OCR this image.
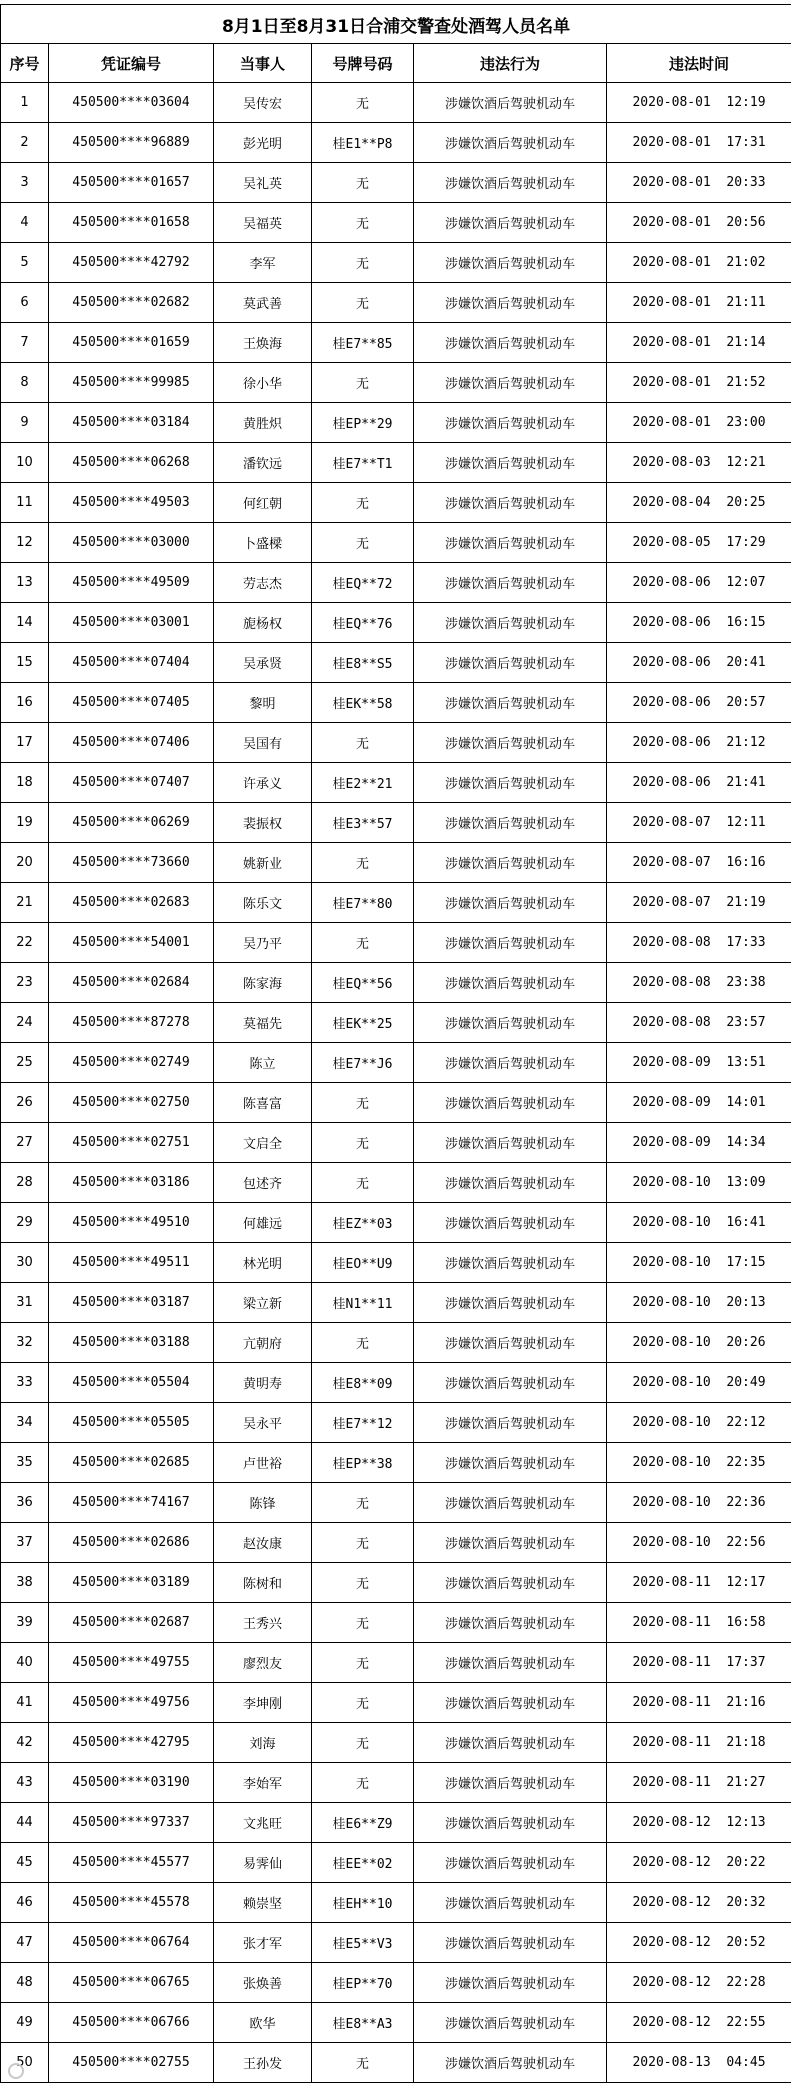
8月1日至8月31日合浦交警查处酒驾人员名单					
序号	凭证编号	当事人	号牌号码	违法行为	违法时间
1	450500****03604	吴传宏	无	涉嫌饮酒后驾驶机动车	2020-08-01  12:19
2	450500****96889	彭光明	桂E1**P8	涉嫌饮酒后驾驶机动车	2020-08-01  17:31
3	450500****01657	吴礼英	无	涉嫌饮酒后驾驶机动车	2020-08-01  20:33
4	450500****01658	吴福英	无	涉嫌饮酒后驾驶机动车	2020-08-01  20:56
5	450500****42792	李军	无	涉嫌饮酒后驾驶机动车	2020-08-01  21:02
6	450500****02682	莫武善	无	涉嫌饮酒后驾驶机动车	2020-08-01  21:11
7	450500****01659	王焕海	桂E7**85	涉嫌饮酒后驾驶机动车	2020-08-01  21:14
8	450500****99985	徐小华	无	涉嫌饮酒后驾驶机动车	2020-08-01  21:52
9	450500****03184	黄胜炽	桂EP**29	涉嫌饮酒后驾驶机动车	2020-08-01  23:00
10	450500****06268	潘钦远	桂E7**T1	涉嫌饮酒后驾驶机动车	2020-08-03  12:21
11	450500****49503	何红朝	无	涉嫌饮酒后驾驶机动车	2020-08-04  20:25
12	450500****03000	卜盛樑	无	涉嫌饮酒后驾驶机动车	2020-08-05  17:29
13	450500****49509	劳志杰	桂EQ**72	涉嫌饮酒后驾驶机动车	2020-08-06  12:07
14	450500****03001	旎杨权	桂EQ**76	涉嫌饮酒后驾驶机动车	2020-08-06  16:15
15	450500****07404	吴承贤	桂E8**S5	涉嫌饮酒后驾驶机动车	2020-08-06  20:41
16	450500****07405	黎明	桂EK**58	涉嫌饮酒后驾驶机动车	2020-08-06  20:57
17	450500****07406	吴国有	无	涉嫌饮酒后驾驶机动车	2020-08-06  21:12
18	450500****07407	许承义	桂E2**21	涉嫌饮酒后驾驶机动车	2020-08-06  21:41
19	450500****06269	裴振权	桂E3**57	涉嫌饮酒后驾驶机动车	2020-08-07  12:11
20	450500****73660	姚新业	无	涉嫌饮酒后驾驶机动车	2020-08-07  16:16
21	450500****02683	陈乐文	桂E7**80	涉嫌饮酒后驾驶机动车	2020-08-07  21:19
22	450500****54001	吴乃平	无	涉嫌饮酒后驾驶机动车	2020-08-08  17:33
23	450500****02684	陈家海	桂EQ**56	涉嫌饮酒后驾驶机动车	2020-08-08  23:38
24	450500****87278	莫福先	桂EK**25	涉嫌饮酒后驾驶机动车	2020-08-08  23:57
25	450500****02749	陈立	桂E7**J6	涉嫌饮酒后驾驶机动车	2020-08-09  13:51
26	450500****02750	陈喜富	无	涉嫌饮酒后驾驶机动车	2020-08-09  14:01
27	450500****02751	文启全	无	涉嫌饮酒后驾驶机动车	2020-08-09  14:34
28	450500****03186	包述齐	无	涉嫌饮酒后驾驶机动车	2020-08-10  13:09
29	450500****49510	何雄远	桂EZ**03	涉嫌饮酒后驾驶机动车	2020-08-10  16:41
30	450500****49511	林光明	桂EO**U9	涉嫌饮酒后驾驶机动车	2020-08-10  17:15
31	450500****03187	梁立新	桂N1**11	涉嫌饮酒后驾驶机动车	2020-08-10  20:13
32	450500****03188	亢朝府	无	涉嫌饮酒后驾驶机动车	2020-08-10  20:26
33	450500****05504	黄明寿	桂E8**09	涉嫌饮酒后驾驶机动车	2020-08-10  20:49
34	450500****05505	吴永平	桂E7**12	涉嫌饮酒后驾驶机动车	2020-08-10  22:12
35	450500****02685	卢世裕	桂EP**38	涉嫌饮酒后驾驶机动车	2020-08-10  22:35
36	450500****74167	陈锋	无	涉嫌饮酒后驾驶机动车	2020-08-10  22:36
37	450500****02686	赵汝康	无	涉嫌饮酒后驾驶机动车	2020-08-10  22:56
38	450500****03189	陈树和	无	涉嫌饮酒后驾驶机动车	2020-08-11  12:17
39	450500****02687	王秀兴	无	涉嫌饮酒后驾驶机动车	2020-08-11  16:58
40	450500****49755	廖烈友	无	涉嫌饮酒后驾驶机动车	2020-08-11  17:37
41	450500****49756	李坤刚	无	涉嫌饮酒后驾驶机动车	2020-08-11  21:16
42	450500****42795	刘海	无	涉嫌饮酒后驾驶机动车	2020-08-11  21:18
43	450500****03190	李始军	无	涉嫌饮酒后驾驶机动车	2020-08-11  21:27
44	450500****97337	文兆旺	桂E6**Z9	涉嫌饮酒后驾驶机动车	2020-08-12  12:13
45	450500****45577	易霁仙	桂EE**02	涉嫌饮酒后驾驶机动车	2020-08-12  20:22
46	450500****45578	赖崇坚	桂EH**10	涉嫌饮酒后驾驶机动车	2020-08-12  20:32
47	450500****06764	张才军	桂E5**V3	涉嫌饮酒后驾驶机动车	2020-08-12  20:52
48	450500****06765	张焕善	桂EP**70	涉嫌饮酒后驾驶机动车	2020-08-12  22:28
49	450500****06766	欧华	桂E8**A3	涉嫌饮酒后驾驶机动车	2020-08-12  22:55
50	450500****02755	王孙发	无	涉嫌饮酒后驾驶机动车	2020-08-13  04:45
